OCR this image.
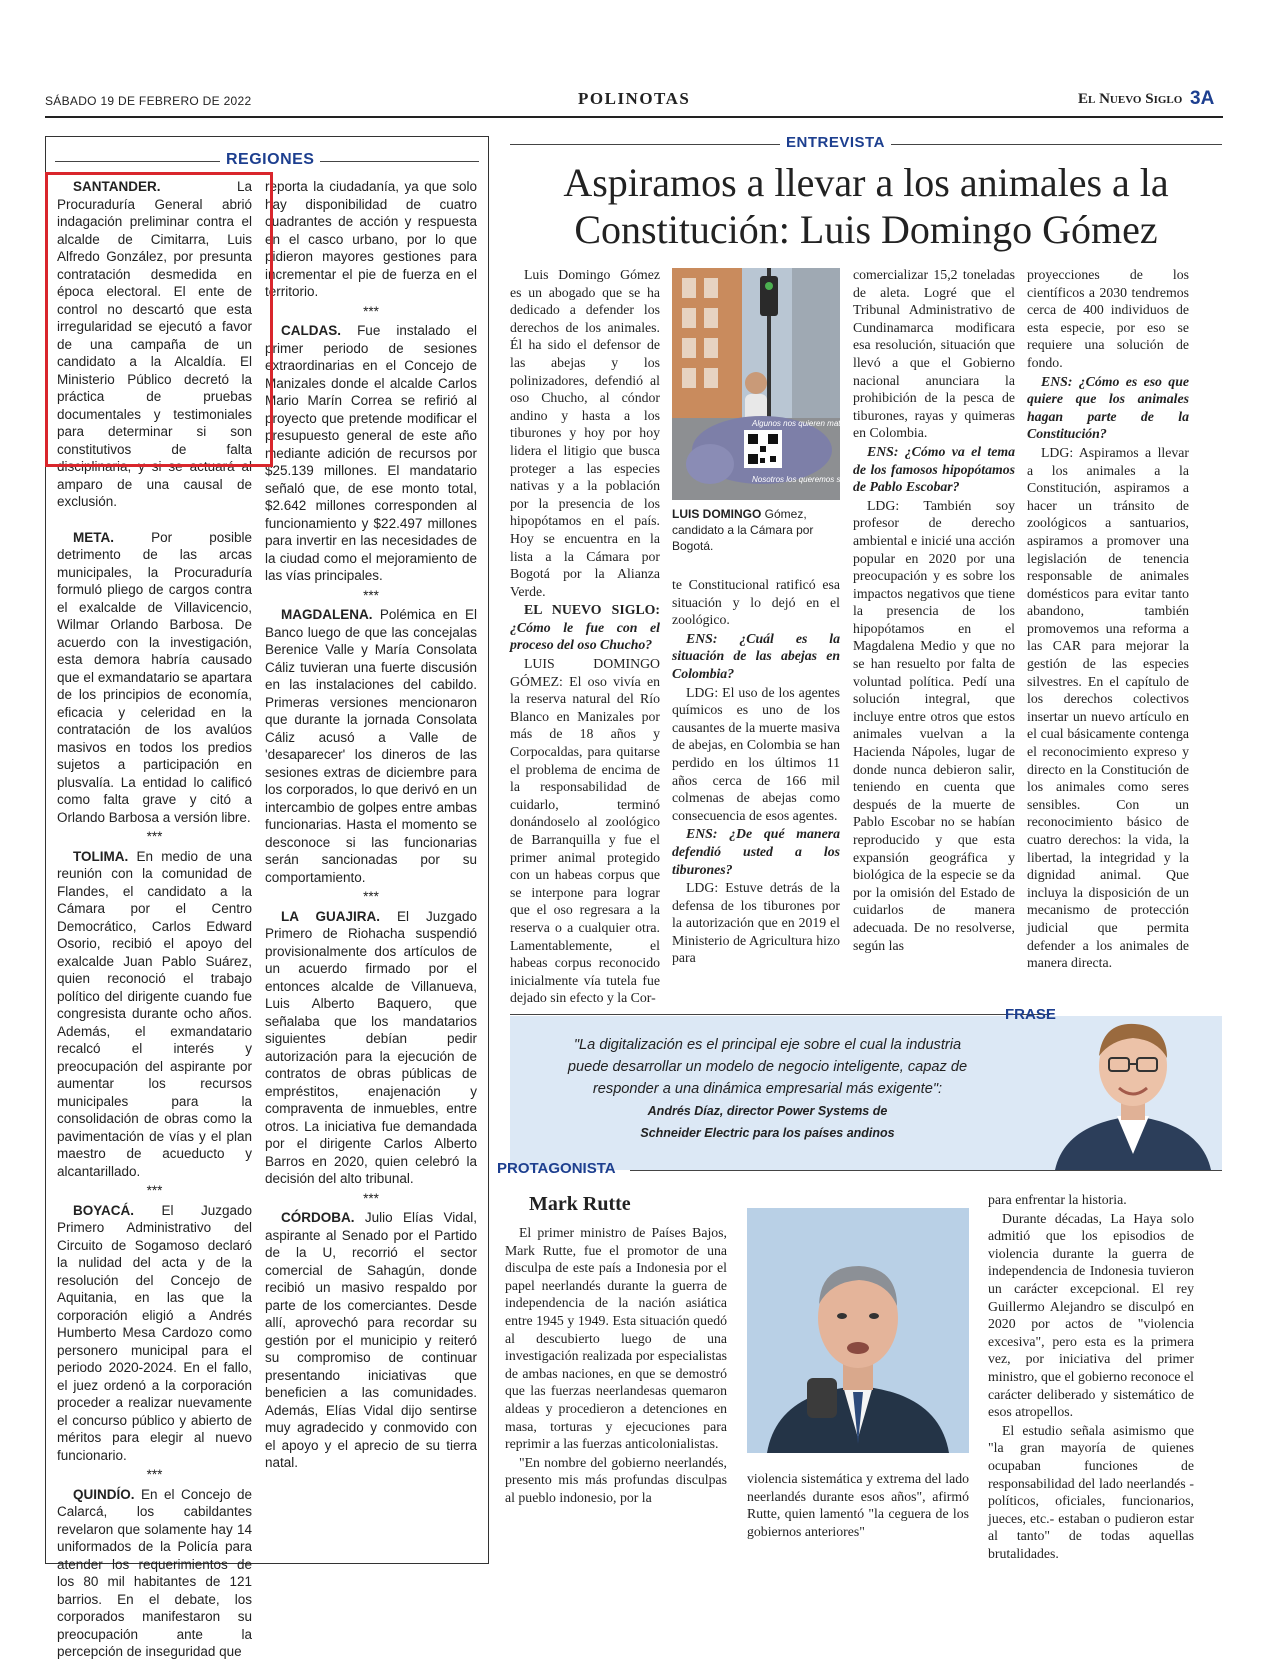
SÁBADO 19 DE FEBRERO DE 2022	POLINOTAS	El Nuevo Siglo 3A
REGIONES

SANTANDER. La Procuraduría General abrió indagación preliminar contra el alcalde de Cimitarra, Luis Alfredo González, por presunta contratación desmedida en época electoral. El ente de control no descartó que esta irregularidad se ejecutó a favor de una campaña de un candidato a la Alcaldía. El Ministerio Público decretó la práctica de pruebas documentales y testimoniales para determinar si son constitutivos de falta disciplinaria, y si se actuará al amparo de una causal de exclusión.

META. Por posible detrimento de las arcas municipales, la Procuraduría formuló pliego de cargos contra el exalcalde de Villavicencio, Wilmar Orlando Barbosa. De acuerdo con la investigación, esta demora habría causado que el exmandatario se apartara de los principios de economía, eficacia y celeridad en la contratación de los avalúos masivos en todos los predios sujetos a participación en plusvalía. La entidad lo calificó como falta grave y citó a Orlando Barbosa a versión libre.

***

TOLIMA. En medio de una reunión con la comunidad de Flandes, el candidato a la Cámara por el Centro Democrático, Carlos Edward Osorio, recibió el apoyo del exalcalde Juan Pablo Suárez, quien reconoció el trabajo político del dirigente cuando fue congresista durante ocho años. Además, el exmandatario recalcó el interés y preocupación del aspirante por aumentar los recursos municipales para la consolidación de obras como la pavimentación de vías y el plan maestro de acueducto y alcantarillado.

***

BOYACÁ. El Juzgado Primero Administrativo del Circuito de Sogamoso declaró la nulidad del acta y de la resolución del Concejo de Aquitania, en las que la corporación eligió a Andrés Humberto Mesa Cardozo como personero municipal para el periodo 2020-2024. En el fallo, el juez ordenó a la corporación proceder a realizar nuevamente el concurso público y abierto de méritos para elegir al nuevo funcionario.

***

QUINDÍO. En el Concejo de Calarcá, los cabildantes revelaron que solamente hay 14 uniformados de la Policía para atender los requerimientos de los 80 mil habitantes de 121 barrios. En el debate, los corporados manifestaron su preocupación ante la percepción de inseguridad que

reporta la ciudadanía, ya que solo hay disponibilidad de cuatro cuadrantes de acción y respuesta en el casco urbano, por lo que pidieron mayores gestiones para incrementar el pie de fuerza en el territorio.

***

CALDAS. Fue instalado el primer periodo de sesiones extraordinarias en el Concejo de Manizales donde el alcalde Carlos Mario Marín Correa se refirió al proyecto que pretende modificar el presupuesto general de este año mediante adición de recursos por $25.139 millones. El mandatario señaló que, de ese monto total, $2.642 millones corresponden al funcionamiento y $22.497 millones para invertir en las necesidades de la ciudad como el mejoramiento de las vías principales.

***

MAGDALENA. Polémica en El Banco luego de que las concejalas Berenice Valle y María Consolata Cáliz tuvieran una fuerte discusión en las instalaciones del cabildo. Primeras versiones mencionaron que durante la jornada Consolata Cáliz acusó a Valle de 'desaparecer' los dineros de las sesiones extras de diciembre para los corporados, lo que derivó en un intercambio de golpes entre ambas funcionarias. Hasta el momento se desconoce si las funcionarias serán sancionadas por su comportamiento.

***

LA GUAJIRA. El Juzgado Primero de Riohacha suspendió provisionalmente dos artículos de un acuerdo firmado por el entonces alcalde de Villanueva, Luis Alberto Baquero, que señalaba que los mandatarios siguientes debían pedir autorización para la ejecución de contratos de obras públicas de empréstitos, enajenación y compraventa de inmuebles, entre otros. La iniciativa fue demandada por el dirigente Carlos Alberto Barros en 2020, quien celebró la decisión del alto tribunal.

***

CÓRDOBA. Julio Elías Vidal, aspirante al Senado por el Partido de la U, recorrió el sector comercial de Sahagún, donde recibió un masivo respaldo por parte de los comerciantes. Desde allí, aprovechó para recordar su gestión por el municipio y reiteró su compromiso de continuar presentando iniciativas que beneficien a las comunidades. Además, Elías Vidal dijo sentirse muy agradecido y conmovido con el apoyo y el aprecio de su tierra natal.

ENTREVISTA
Aspiramos a llevar a los animales a la
Constitución: Luis Domingo Gómez

Luis Domingo Gómez es un abogado que se ha dedicado a defender los derechos de los animales. Él ha sido el defensor de las abejas y los polinizadores, defendió al oso Chucho, al cóndor andino y hasta a los tiburones y hoy por hoy lidera el litigio que busca proteger a las especies nativas y a la población por la presencia de los hipopótamos en el país. Hoy se encuentra en la lista a la Cámara por Bogotá por la Alianza Verde.

EL NUEVO SIGLO: ¿Cómo le fue con el proceso del oso Chucho?

LUIS DOMINGO GÓMEZ: El oso vivía en la reserva natural del Río Blanco en Manizales por más de 18 años y Corpocaldas, para quitarse el problema de encima de la responsabilidad de cuidarlo, terminó donándoselo al zoológico de Barranquilla y fue el primer animal protegido con un habeas corpus que se interpone para lograr que el oso regresara a la reserva o a cualquier otra. Lamentablemente, el habeas corpus reconocido inicialmente vía tutela fue dejado sin efecto y la Cor-

Algunos nos quieren matar
Nosotros los queremos salvar
LUIS DOMINGO Gómez, candidato a la Cámara por Bogotá.

te Constitucional ratificó esa situación y lo dejó en el zoológico.

ENS: ¿Cuál es la situación de las abejas en Colombia?

LDG: El uso de los agentes químicos es uno de los causantes de la muerte masiva de abejas, en Colombia se han perdido en los últimos 11 años cerca de 166 mil colmenas de abejas como consecuencia de esos agentes.

ENS: ¿De qué manera defendió usted a los tiburones?

LDG: Estuve detrás de la defensa de los tiburones por la autorización que en 2019 el Ministerio de Agricultura hizo para

comercializar 15,2 toneladas de aleta. Logré que el Tribunal Administrativo de Cundinamarca modificara esa resolución, situación que llevó a que el Gobierno nacional anunciara la prohibición de la pesca de tiburones, rayas y quimeras en Colombia.

ENS: ¿Cómo va el tema de los famosos hipopótamos de Pablo Escobar?

LDG: También soy profesor de derecho ambiental e inicié una acción popular en 2020 por una preocupación y es sobre los impactos negativos que tiene la presencia de los hipopótamos en el Magdalena Medio y que no se han resuelto por falta de voluntad política. Pedí una solución integral, que incluye entre otros que estos animales vuelvan a la Hacienda Nápoles, lugar de donde nunca debieron salir, teniendo en cuenta que después de la muerte de Pablo Escobar no se habían reproducido y que esta expansión geográfica y biológica de la especie se da por la omisión del Estado de cuidarlos de manera adecuada. De no resolverse, según las

proyecciones de los científicos a 2030 tendremos cerca de 400 individuos de esta especie, por eso se requiere una solución de fondo.

ENS: ¿Cómo es eso que quiere que los animales hagan parte de la Constitución?

LDG: Aspiramos a llevar a los animales a la Constitución, aspiramos a hacer un tránsito de zoológicos a santuarios, aspiramos a promover una legislación de tenencia responsable de animales domésticos para evitar tanto abandono, también promovemos una reforma a las CAR para mejorar la gestión de las especies silvestres. En el capítulo de los derechos colectivos insertar un nuevo artículo en el cual básicamente contenga el reconocimiento expreso y directo en la Constitución de los animales como seres sensibles. Con un reconocimiento básico de cuatro derechos: la vida, la libertad, la integridad y la dignidad animal. Que incluya la disposición de un mecanismo de protección judicial que permita defender a los animales de manera directa.

FRASE
"La digitalización es el principal eje sobre el cual la industria
puede desarrollar un modelo de negocio inteligente, capaz de
responder a una dinámica empresarial más exigente":
Andrés Díaz, director Power Systems de
Schneider Electric para los países andinos
PROTAGONISTA
Mark Rutte

El primer ministro de Países Bajos, Mark Rutte, fue el promotor de una disculpa de este país a Indonesia por el papel neerlandés durante la guerra de independencia de la nación asiática entre 1945 y 1949. Esta situación quedó al descubierto luego de una investigación realizada por especialistas de ambas naciones, en que se demostró que las fuerzas neerlandesas quemaron aldeas y procedieron a detenciones en masa, torturas y ejecuciones para reprimir a las fuerzas anticolonialistas.

"En nombre del gobierno neerlandés, presento mis más profundas disculpas al pueblo indonesio, por la

violencia sistemática y extrema del lado neerlandés durante esos años", afirmó Rutte, quien lamentó "la ceguera de los gobiernos anteriores"

para enfrentar la historia.

Durante décadas, La Haya solo admitió que los episodios de violencia durante la guerra de independencia de Indonesia tuvieron un carácter excepcional. El rey Guillermo Alejandro se disculpó en 2020 por actos de "violencia excesiva", pero esta es la primera vez, por iniciativa del primer ministro, que el gobierno reconoce el carácter deliberado y sistemático de esos atropellos.

El estudio señala asimismo que "la gran mayoría de quienes ocupaban funciones de responsabilidad del lado neerlandés -políticos, oficiales, funcionarios, jueces, etc.- estaban o pudieron estar al tanto" de todas aquellas brutalidades.
